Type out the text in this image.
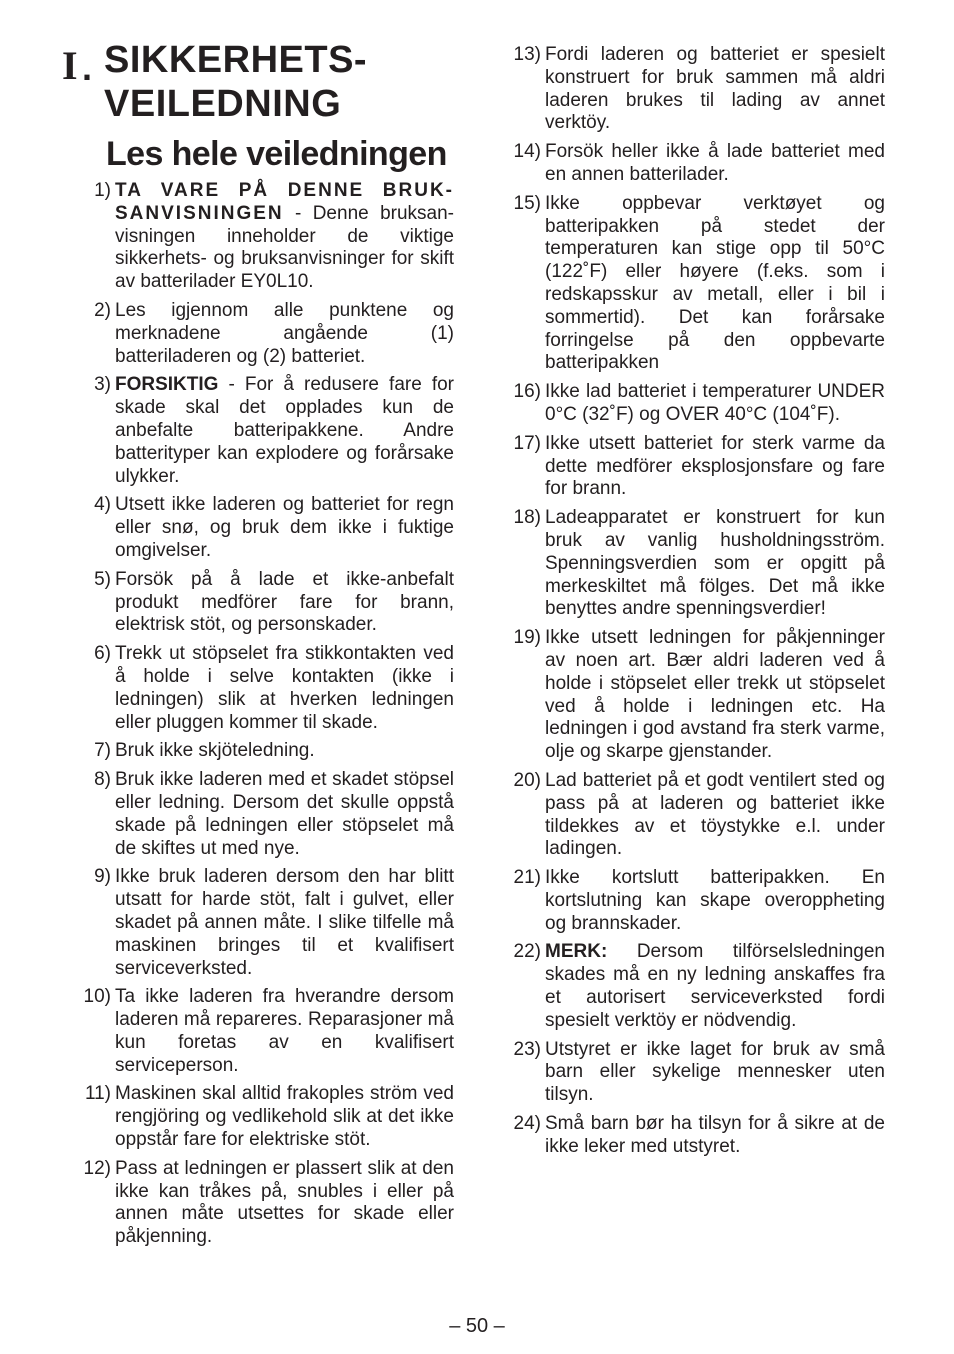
I . SIKKERHETS-
VEILEDNING
Les hele veiledningen
1) TA VARE PÅ DENNE BRUK- SANVISNINGEN - Denne bruksan- visningen inneholder de viktige sikkerhets- og bruksanvisninger for skift av batterilader EY0L10.
2) Les igjennom alle punktene og merknadene angående (1) batteriladeren og (2) batteriet.
3) FORSIKTIG - For å redusere fare for skade skal det opplades kun de anbefalte batteripakkene. Andre batterityper kan explodere og forårsake ulykker.
4) Utsett ikke laderen og batteriet for regn eller snø, og bruk dem ikke i fuktige omgivelser.
5) Forsök på å lade et ikke-anbefalt produkt medförer fare for brann, elektrisk stöt, og personskader.
6) Trekk ut stöpselet fra stikkontakten ved å holde i selve kontakten (ikke i ledningen) slik at hverken ledningen eller pluggen kommer til skade.
7) Bruk ikke skjöteledning.
8) Bruk ikke laderen med et skadet stöpsel eller ledning. Dersom det skulle oppstå skade på ledningen eller stöpselet må de skiftes ut med nye.
9) Ikke bruk laderen dersom den har blitt utsatt for harde stöt, falt i gulvet, eller skadet på annen måte. I slike tilfelle må maskinen bringes til et kvalifisert serviceverksted.
10) Ta ikke laderen fra hverandre dersom laderen må repareres. Reparasjoner må kun foretas av en kvalifisert serviceperson.
11) Maskinen skal alltid frakoples ström ved rengjöring og vedlikehold slik at det ikke oppstår fare for elektriske stöt.
12) Pass at ledningen er plassert slik at den ikke kan tråkes på, snubles i eller på annen måte utsettes for skade eller påkjenning.
13) Fordi laderen og batteriet er spesielt konstruert for bruk sammen må aldri laderen brukes til lading av annet verktöy.
14) Forsök heller ikke å lade batteriet med en annen batterilader.
15) Ikke oppbevar verktøyet og batteripakken på stedet der temperaturen kan stige opp til 50°C (122˚F) eller høyere (f.eks. som i redskapsskur av metall, eller i bil i sommertid). Det kan forårsake forringelse på den oppbevarte batteripakken
16) Ikke lad batteriet i temperaturer UNDER 0°C (32˚F) og OVER 40°C (104˚F).
17) Ikke utsett batteriet for sterk varme da dette medförer eksplosjonsfare og fare for brann.
18) Ladeapparatet er konstruert for kun bruk av vanlig husholdningsström. Spenningsverdien som er opgitt på merkeskiltet må fölges. Det må ikke benyttes andre spenningsverdier!
19) Ikke utsett ledningen for påkjenninger av noen art. Bær aldri laderen ved å holde i stöpselet eller trekk ut stöpselet ved å holde i ledningen etc. Ha ledningen i god avstand fra sterk varme, olje og skarpe gjenstander.
20) Lad batteriet på et godt ventilert sted og pass på at laderen og batteriet ikke tildekkes av et töystykke e.l. under ladingen.
21) Ikke kortslutt batteripakken. En kortslutning kan skape overoppheting og brannskader.
22) MERK: Dersom tilförselsledningen skades må en ny ledning anskaffes fra et autorisert serviceverksted fordi spesielt verktöy er nödvendig.
23) Utstyret er ikke laget for bruk av små barn eller sykelige mennesker uten tilsyn.
24) Små barn bør ha tilsyn for å sikre at de ikke leker med utstyret.
– 50 –
